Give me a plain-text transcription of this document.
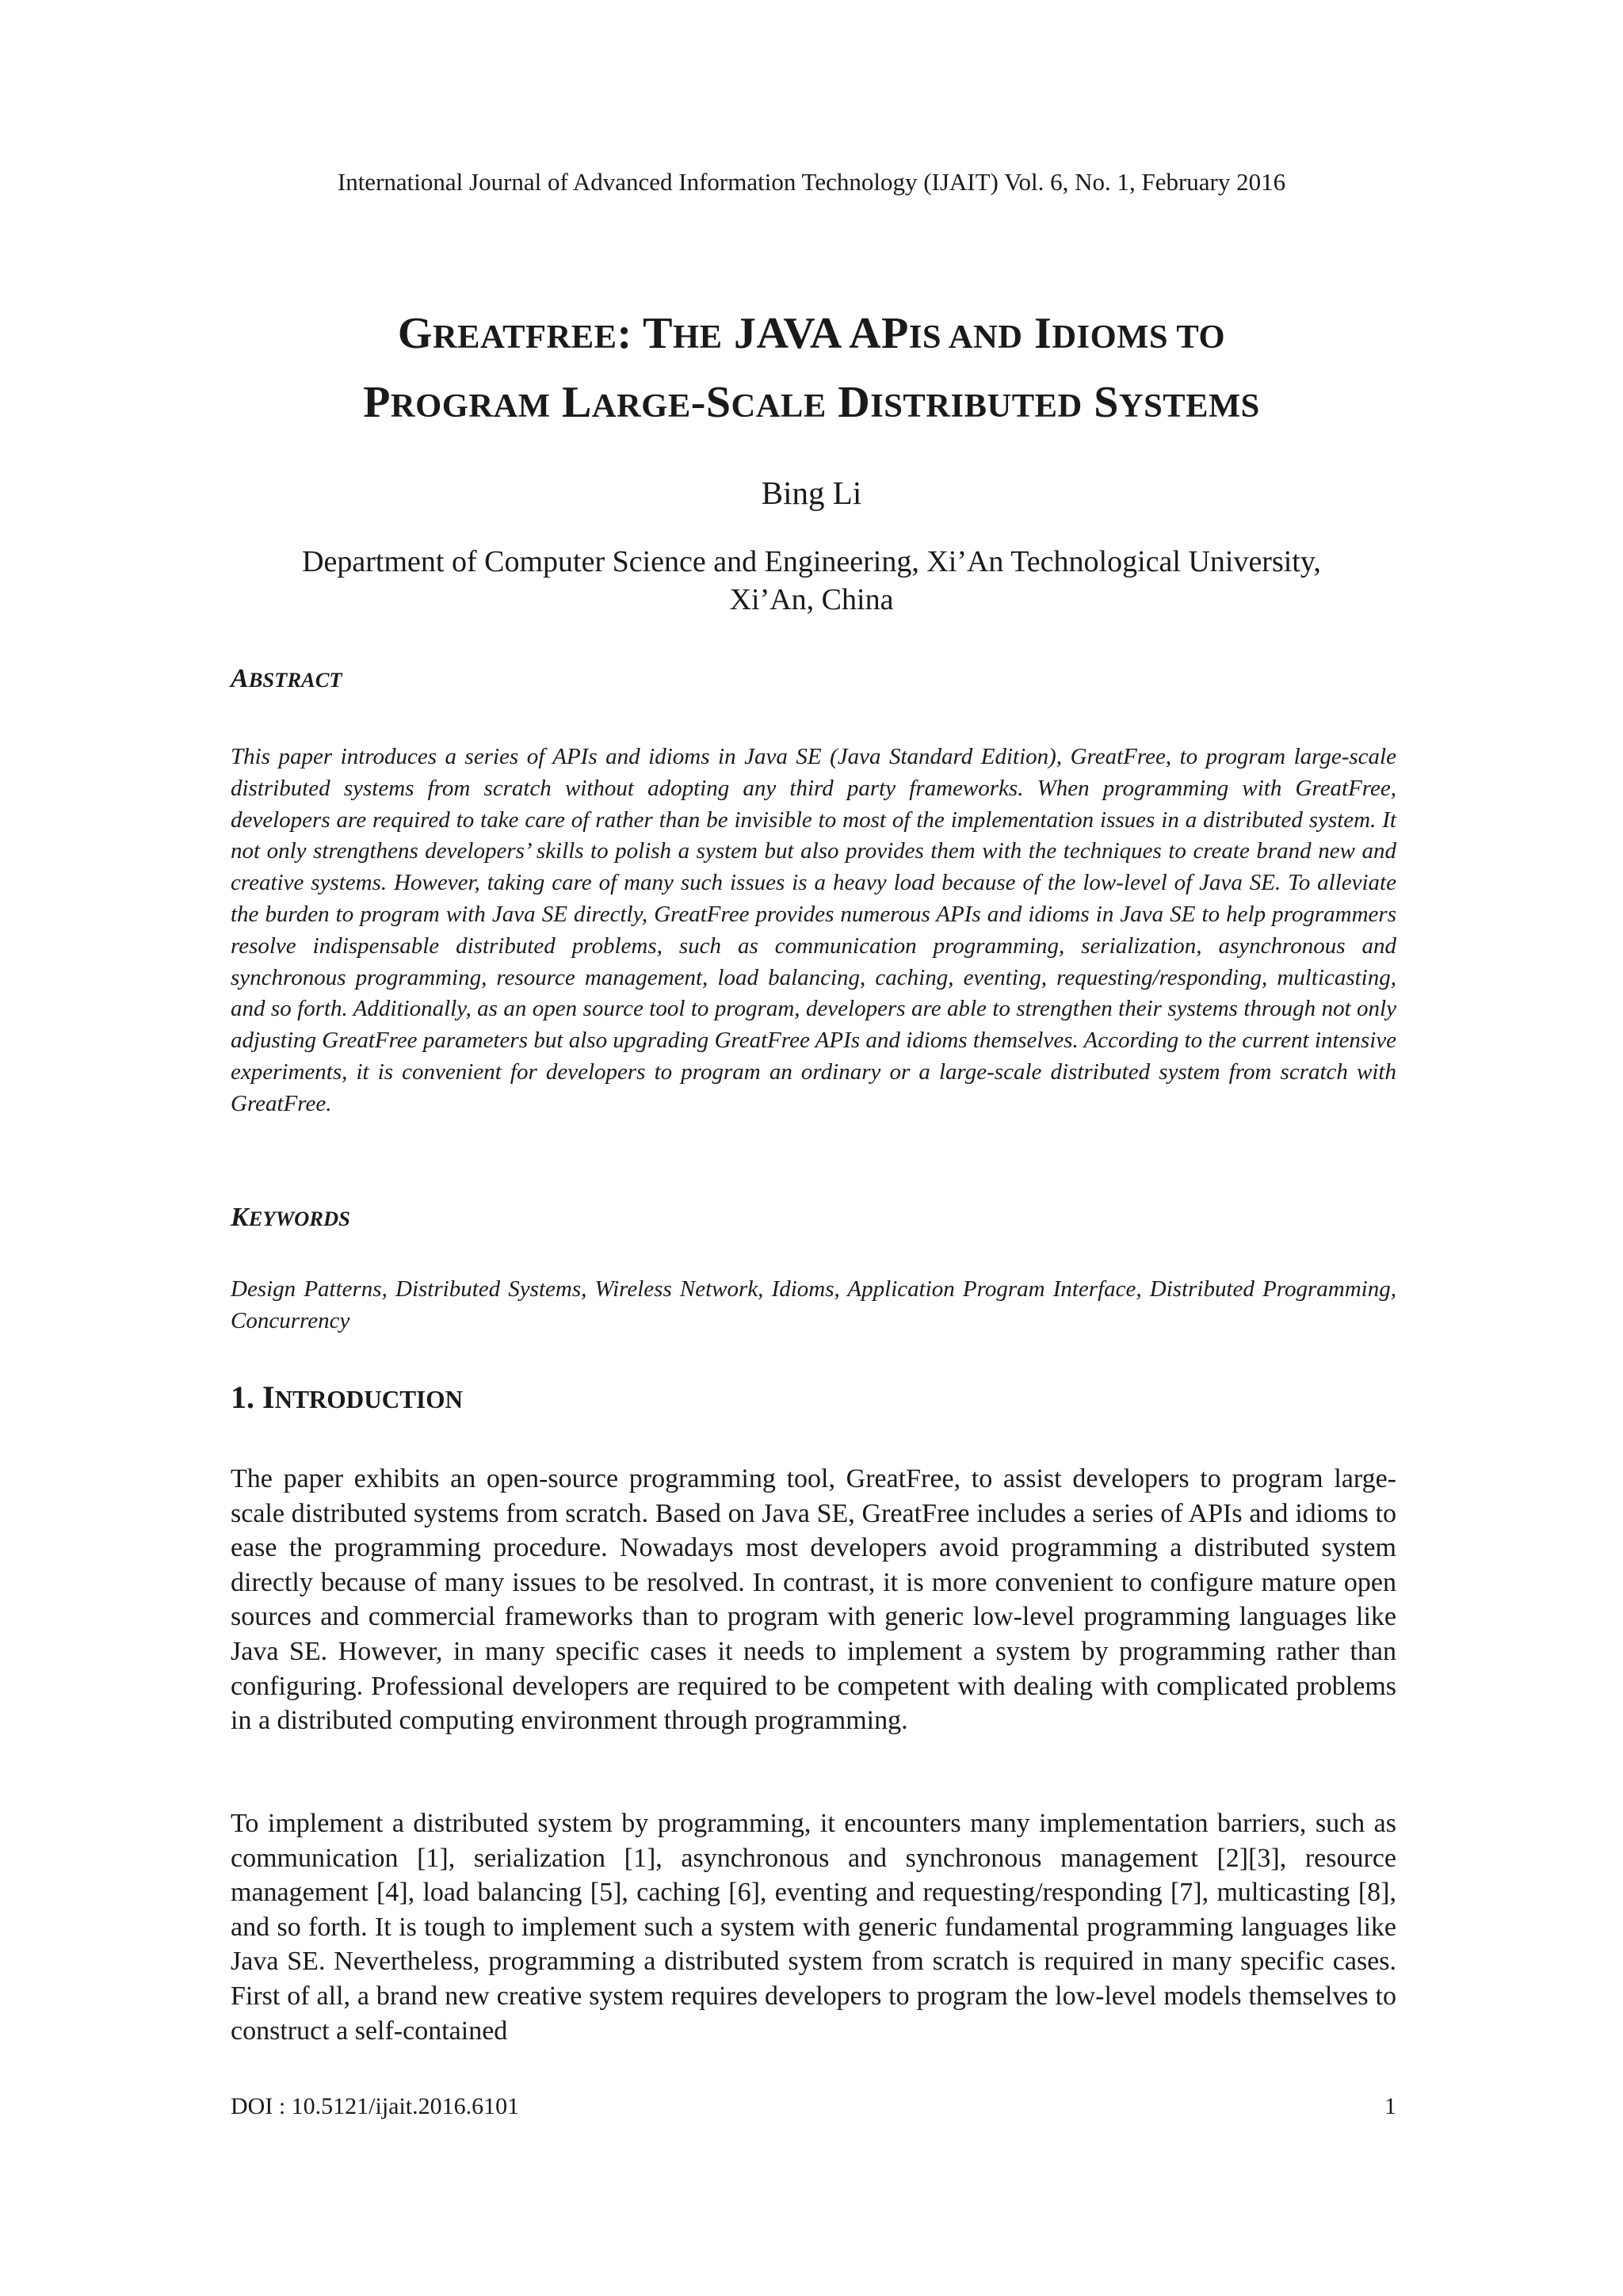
International Journal of Advanced Information Technology (IJAIT) Vol. 6, No. 1, February 2016
GREATFREE: THE JAVA APIS AND IDIOMS TO
PROGRAM LARGE-SCALE DISTRIBUTED SYSTEMS
Bing Li
Department of Computer Science and Engineering, Xi’An Technological University,
Xi’An, China
ABSTRACT

This paper introduces a series of APIs and idioms in Java SE (Java Standard Edition), GreatFree, to program large-scale distributed systems from scratch without adopting any third party frameworks. When programming with GreatFree, developers are required to take care of rather than be invisible to most of the implementation issues in a distributed system. It not only strengthens developers’ skills to polish a system but also provides them with the techniques to create brand new and creative systems. However, taking care of many such issues is a heavy load because of the low-level of Java SE. To alleviate the burden to program with Java SE directly, GreatFree provides numerous APIs and idioms in Java SE to help programmers resolve indispensable distributed problems, such as communication programming, serialization, asynchronous and synchronous programming, resource management, load balancing, caching, eventing, requesting/responding, multicasting, and so forth. Additionally, as an open source tool to program, developers are able to strengthen their systems through not only adjusting GreatFree parameters but also upgrading GreatFree APIs and idioms themselves. According to the current intensive experiments, it is convenient for developers to program an ordinary or a large-scale distributed system from scratch with GreatFree.

KEYWORDS

Design Patterns, Distributed Systems, Wireless Network, Idioms, Application Program Interface, Distributed Programming, Concurrency

1. INTRODUCTION

The paper exhibits an open-source programming tool, GreatFree, to assist developers to program large-scale distributed systems from scratch. Based on Java SE, GreatFree includes a series of APIs and idioms to ease the programming procedure. Nowadays most developers avoid programming a distributed system directly because of many issues to be resolved. In contrast, it is more convenient to configure mature open sources and commercial frameworks than to program with generic low-level programming languages like Java SE. However, in many specific cases it needs to implement a system by programming rather than configuring. Professional developers are required to be competent with dealing with complicated problems in a distributed computing environment through programming.

To implement a distributed system by programming, it encounters many implementation barriers, such as communication [1], serialization [1], asynchronous and synchronous management [2][3], resource management [4], load balancing [5], caching [6], eventing and requesting/responding [7], multicasting [8], and so forth. It is tough to implement such a system with generic fundamental programming languages like Java SE. Nevertheless, programming a distributed system from scratch is required in many specific cases. First of all, a brand new creative system requires developers to program the low-level models themselves to construct a self-contained

DOI : 10.5121/ijait.2016.6101	1
